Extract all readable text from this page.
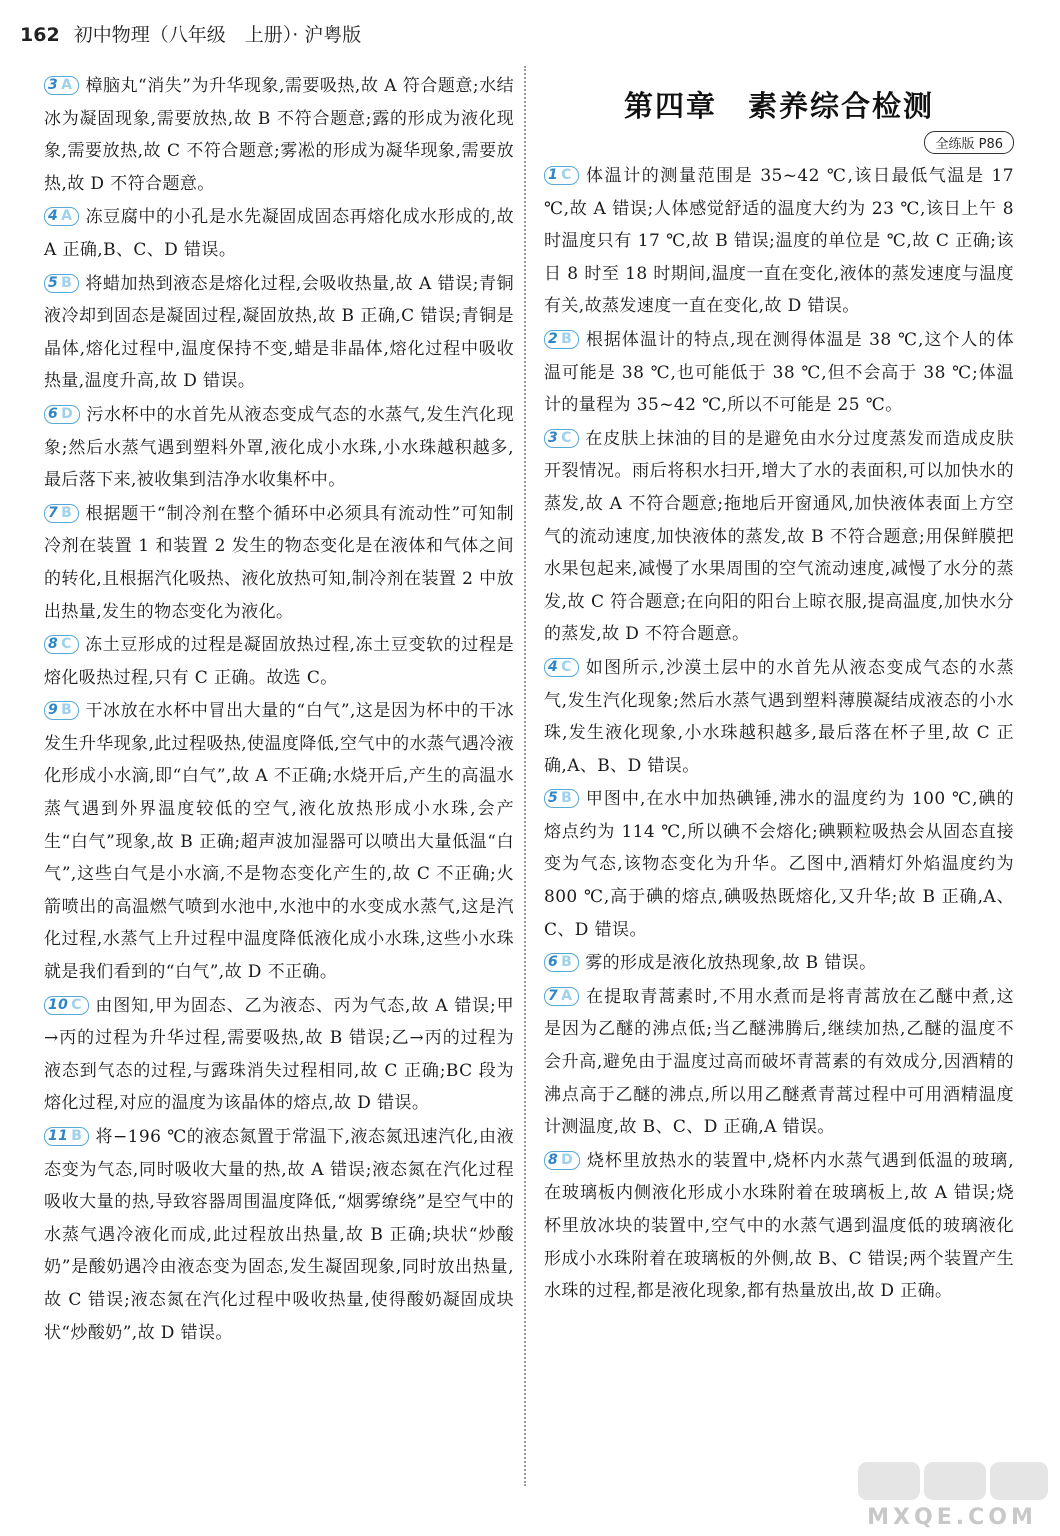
162 初中物理（八年级　上册）· 沪粤版
3 A 樟脑丸“消失”为升华现象,需要吸热,故 A 符合题意;水结冰为凝固现象,需要放热,故 B 不符合题意;露的形成为液化现象,需要放热,故 C 不符合题意;雾凇的形成为凝华现象,需要放热,故 D 不符合题意。
4 A 冻豆腐中的小孔是水先凝固成固态再熔化成水形成的,故 A 正确,B、C、D 错误。
5 B 将蜡加热到液态是熔化过程,会吸收热量,故 A 错误;青铜液冷却到固态是凝固过程,凝固放热,故 B 正确,C 错误;青铜是晶体,熔化过程中,温度保持不变,蜡是非晶体,熔化过程中吸收热量,温度升高,故 D 错误。
6 D 污水杯中的水首先从液态变成气态的水蒸气,发生汽化现象;然后水蒸气遇到塑料外罩,液化成小水珠,小水珠越积越多,最后落下来,被收集到洁净水收集杯中。
7 B 根据题干“制冷剂在整个循环中必须具有流动性”可知制冷剂在装置 1 和装置 2 发生的物态变化是在液体和气体之间的转化,且根据汽化吸热、液化放热可知,制冷剂在装置 2 中放出热量,发生的物态变化为液化。
8 C 冻土豆形成的过程是凝固放热过程,冻土豆变软的过程是熔化吸热过程,只有 C 正确。故选 C。
9 B 干冰放在水杯中冒出大量的“白气”,这是因为杯中的干冰发生升华现象,此过程吸热,使温度降低,空气中的水蒸气遇冷液化形成小水滴,即“白气”,故 A 不正确;水烧开后,产生的高温水蒸气遇到外界温度较低的空气,液化放热形成小水珠,会产生“白气”现象,故 B 正确;超声波加湿器可以喷出大量低温“白气”,这些白气是小水滴,不是物态变化产生的,故 C 不正确;火箭喷出的高温燃气喷到水池中,水池中的水变成水蒸气,这是汽化过程,水蒸气上升过程中温度降低液化成小水珠,这些小水珠就是我们看到的“白气”,故 D 不正确。
10 C 由图知,甲为固态、乙为液态、丙为气态,故 A 错误;甲→丙的过程为升华过程,需要吸热,故 B 错误;乙→丙的过程为液态到气态的过程,与露珠消失过程相同,故 C 正确;BC 段为熔化过程,对应的温度为该晶体的熔点,故 D 错误。
11 B 将−196 ℃的液态氮置于常温下,液态氮迅速汽化,由液态变为气态,同时吸收大量的热,故 A 错误;液态氮在汽化过程吸收大量的热,导致容器周围温度降低,“烟雾缭绕”是空气中的水蒸气遇冷液化而成,此过程放出热量,故 B 正确;块状“炒酸奶”是酸奶遇冷由液态变为固态,发生凝固现象,同时放出热量,故 C 错误;液态氮在汽化过程中吸收热量,使得酸奶凝固成块状“炒酸奶”,故 D 错误。
第四章　素养综合检测
全练版 P86
1 C 体温计的测量范围是 35~42 ℃,该日最低气温是 17 ℃,故 A 错误;人体感觉舒适的温度大约为 23 ℃,该日上午 8 时温度只有 17 ℃,故 B 错误;温度的单位是 ℃,故 C 正确;该日 8 时至 18 时期间,温度一直在变化,液体的蒸发速度与温度有关,故蒸发速度一直在变化,故 D 错误。
2 B 根据体温计的特点,现在测得体温是 38 ℃,这个人的体温可能是 38 ℃,也可能低于 38 ℃,但不会高于 38 ℃;体温计的量程为 35~42 ℃,所以不可能是 25 ℃。
3 C 在皮肤上抹油的目的是避免由水分过度蒸发而造成皮肤开裂情况。雨后将积水扫开,增大了水的表面积,可以加快水的蒸发,故 A 不符合题意;拖地后开窗通风,加快液体表面上方空气的流动速度,加快液体的蒸发,故 B 不符合题意;用保鲜膜把水果包起来,减慢了水果周围的空气流动速度,减慢了水分的蒸发,故 C 符合题意;在向阳的阳台上晾衣服,提高温度,加快水分的蒸发,故 D 不符合题意。
4 C 如图所示,沙漠土层中的水首先从液态变成气态的水蒸气,发生汽化现象;然后水蒸气遇到塑料薄膜凝结成液态的小水珠,发生液化现象,小水珠越积越多,最后落在杯子里,故 C 正确,A、B、D 错误。
5 B 甲图中,在水中加热碘锤,沸水的温度约为 100 ℃,碘的熔点约为 114 ℃,所以碘不会熔化;碘颗粒吸热会从固态直接变为气态,该物态变化为升华。乙图中,酒精灯外焰温度约为 800 ℃,高于碘的熔点,碘吸热既熔化,又升华;故 B 正确,A、C、D 错误。
6 B 雾的形成是液化放热现象,故 B 错误。
7 A 在提取青蒿素时,不用水煮而是将青蒿放在乙醚中煮,这是因为乙醚的沸点低;当乙醚沸腾后,继续加热,乙醚的温度不会升高,避免由于温度过高而破坏青蒿素的有效成分,因酒精的沸点高于乙醚的沸点,所以用乙醚煮青蒿过程中可用酒精温度计测温度,故 B、C、D 正确,A 错误。
8 D 烧杯里放热水的装置中,烧杯内水蒸气遇到低温的玻璃,在玻璃板内侧液化形成小水珠附着在玻璃板上,故 A 错误;烧杯里放冰块的装置中,空气中的水蒸气遇到温度低的玻璃液化形成小水珠附着在玻璃板的外侧,故 B、C 错误;两个装置产生水珠的过程,都是液化现象,都有热量放出,故 D 正确。
MXQE.COM
